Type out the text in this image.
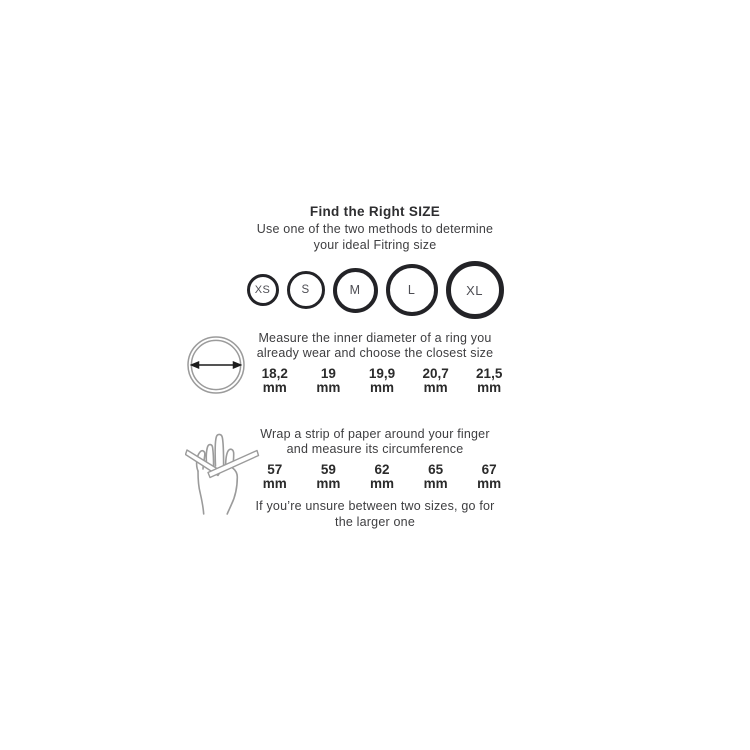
Find the Right SIZE
Use one of the two methods to determine
your ideal Fitring size
XS	S	M	L	XL
Measure the inner diameter of a ring you
already wear and choose the closest size
18,2
mm
19
mm
19,9
mm
20,7
mm
21,5
mm
Wrap a strip of paper around your finger
and measure its circumference
57
mm
59
mm
62
mm
65
mm
67
mm
If you’re unsure between two sizes, go for
the larger one
